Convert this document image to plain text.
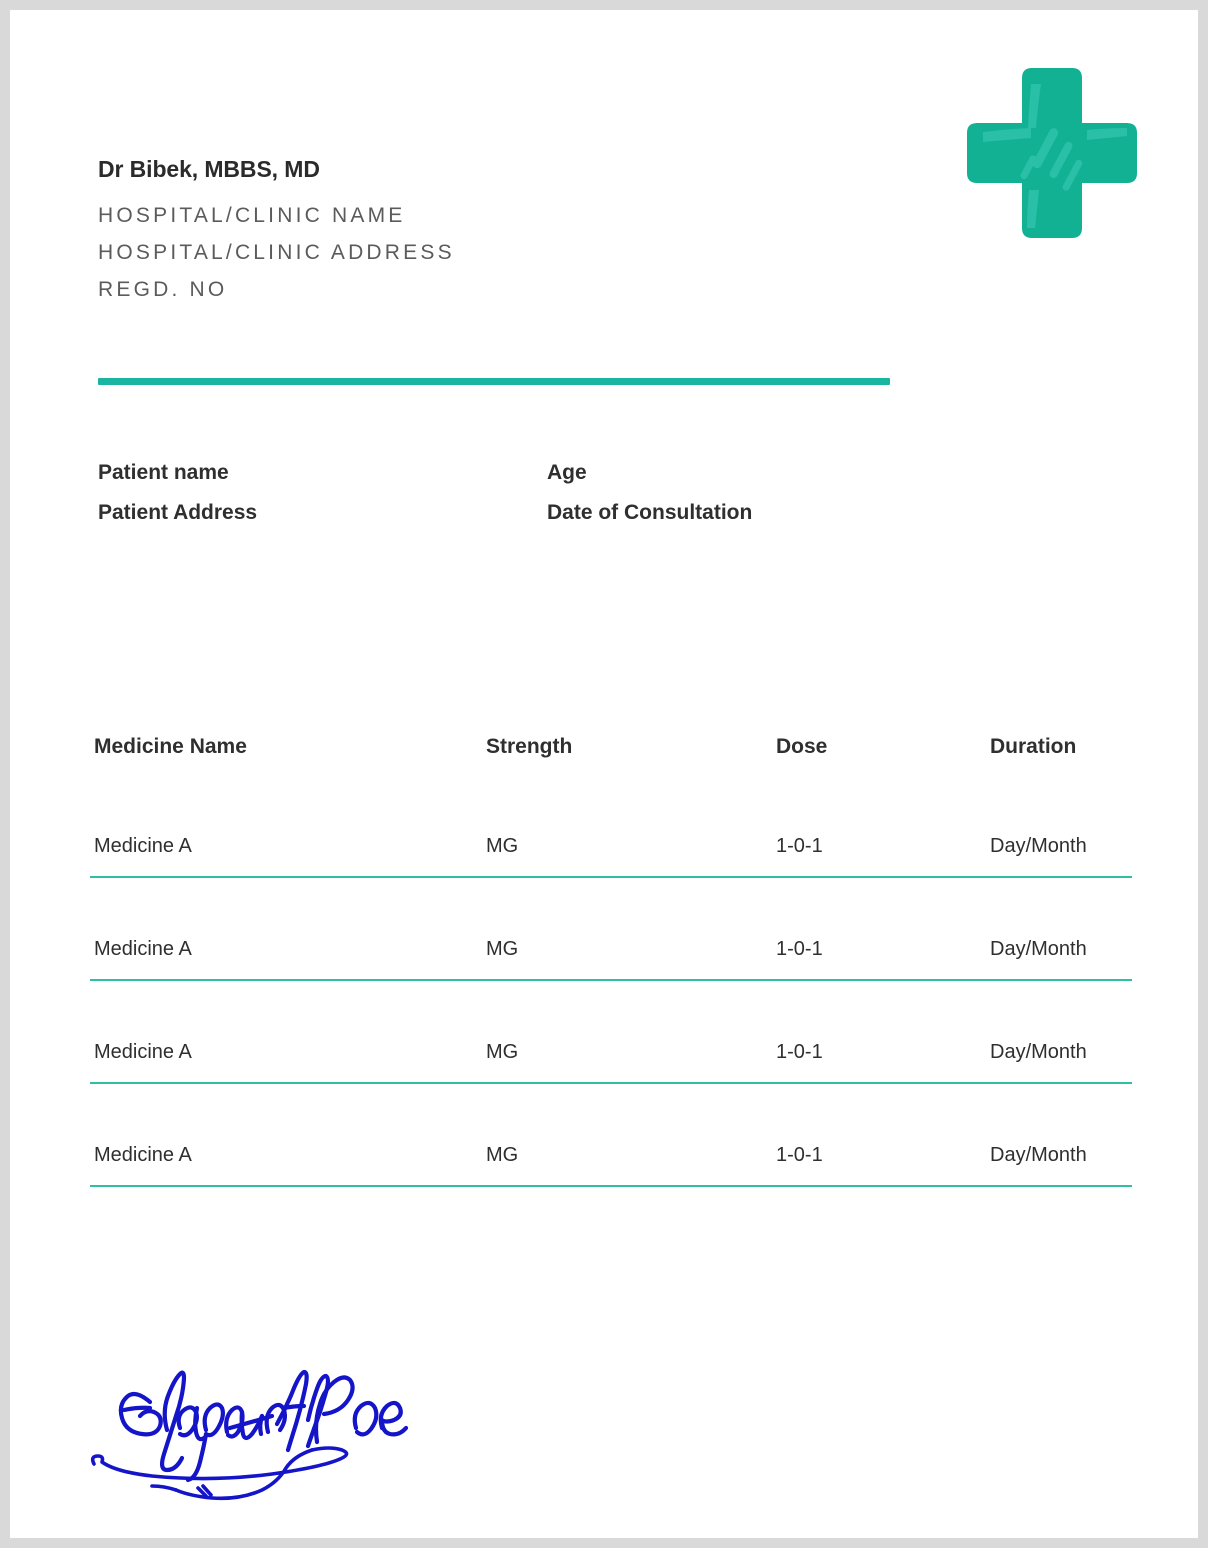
Dr Bibek, MBBS, MD
HOSPITAL/CLINIC NAME
HOSPITAL/CLINIC ADDRESS
REGD. NO
Patient name	Age
Patient Address	Date of Consultation
Medicine Name	Strength	Dose	Duration
Medicine A	MG	1-0-1	Day/Month
Medicine A	MG	1-0-1	Day/Month
Medicine A	MG	1-0-1	Day/Month
Medicine A	MG	1-0-1	Day/Month
